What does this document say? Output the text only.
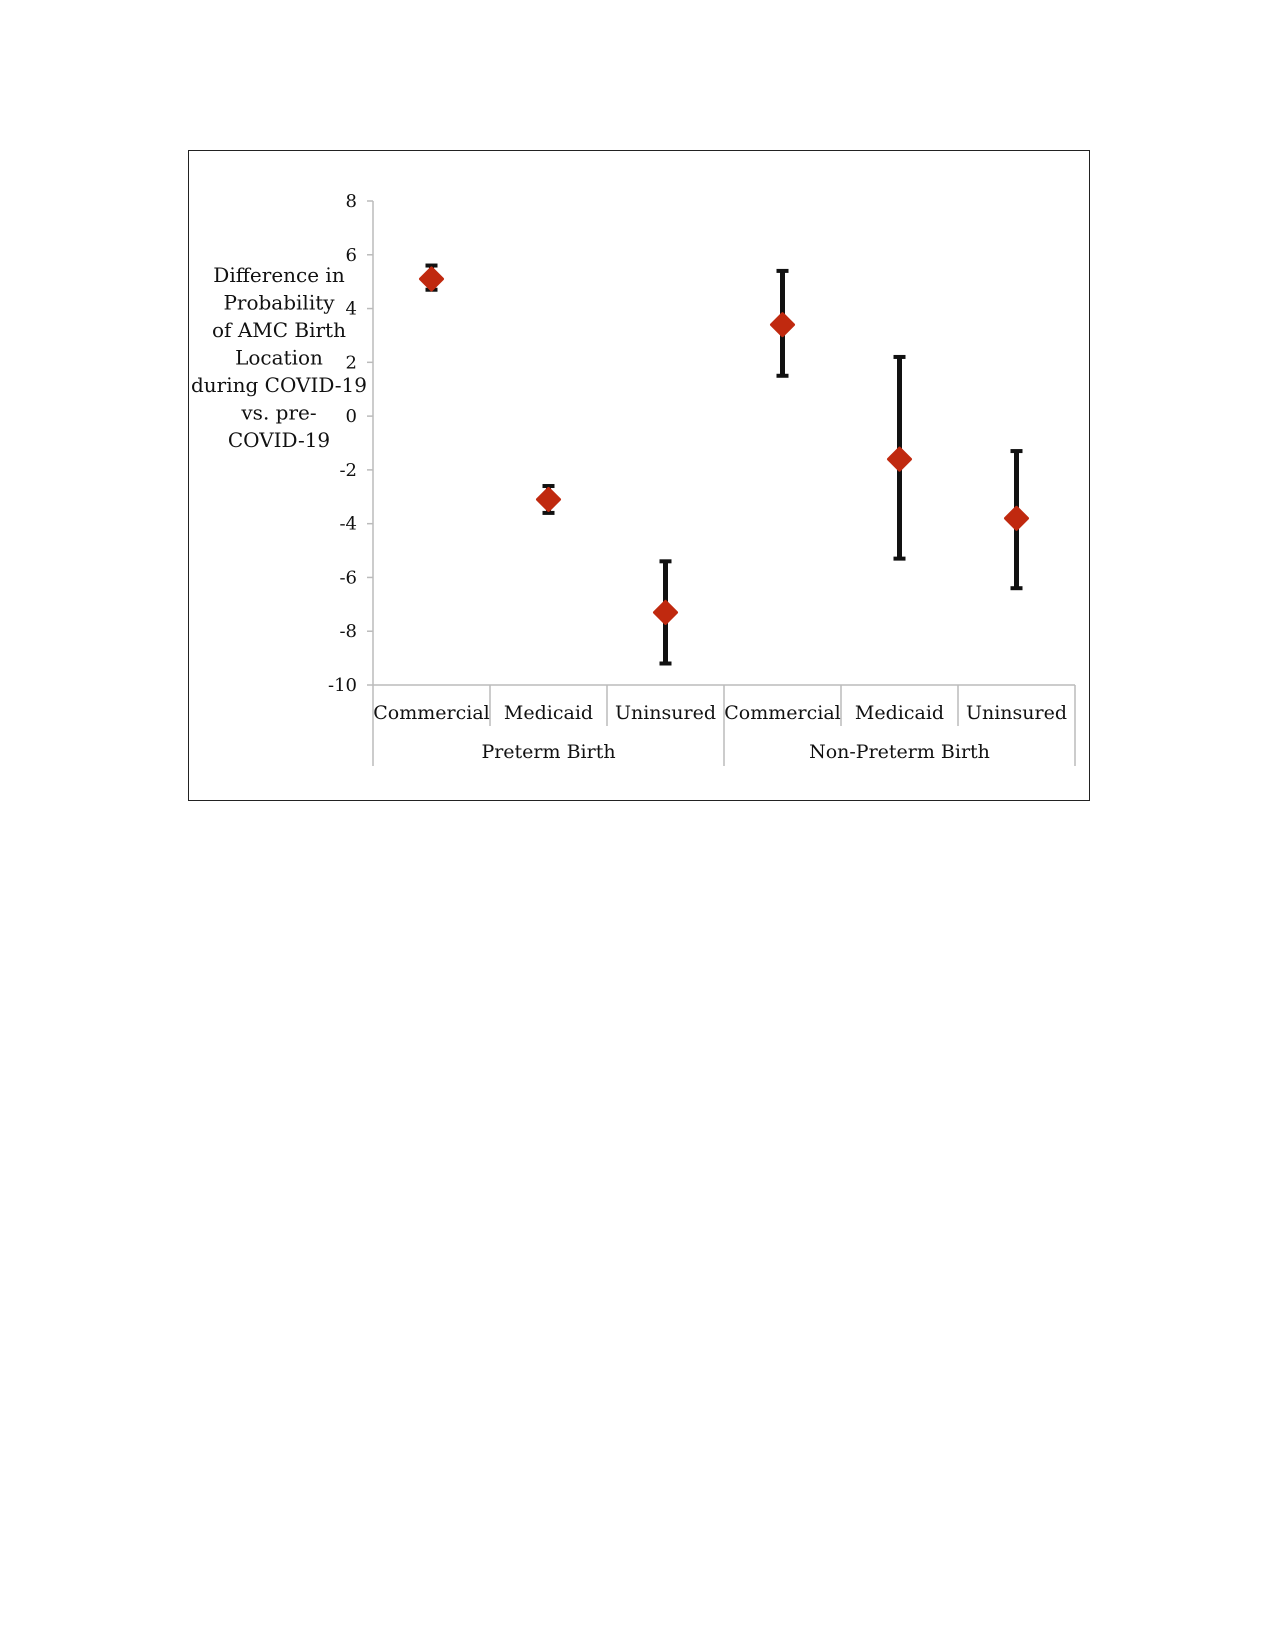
Difference in
Probability
of AMC Birth
Location
during COVID-19
vs. pre-
COVID-19
8
6
4
2
0
-2
-4
-6
-8
-10
Commercial Medicaid Uninsured
Preterm Birth
Commercial Medicaid Uninsured
Non-Preterm Birth
